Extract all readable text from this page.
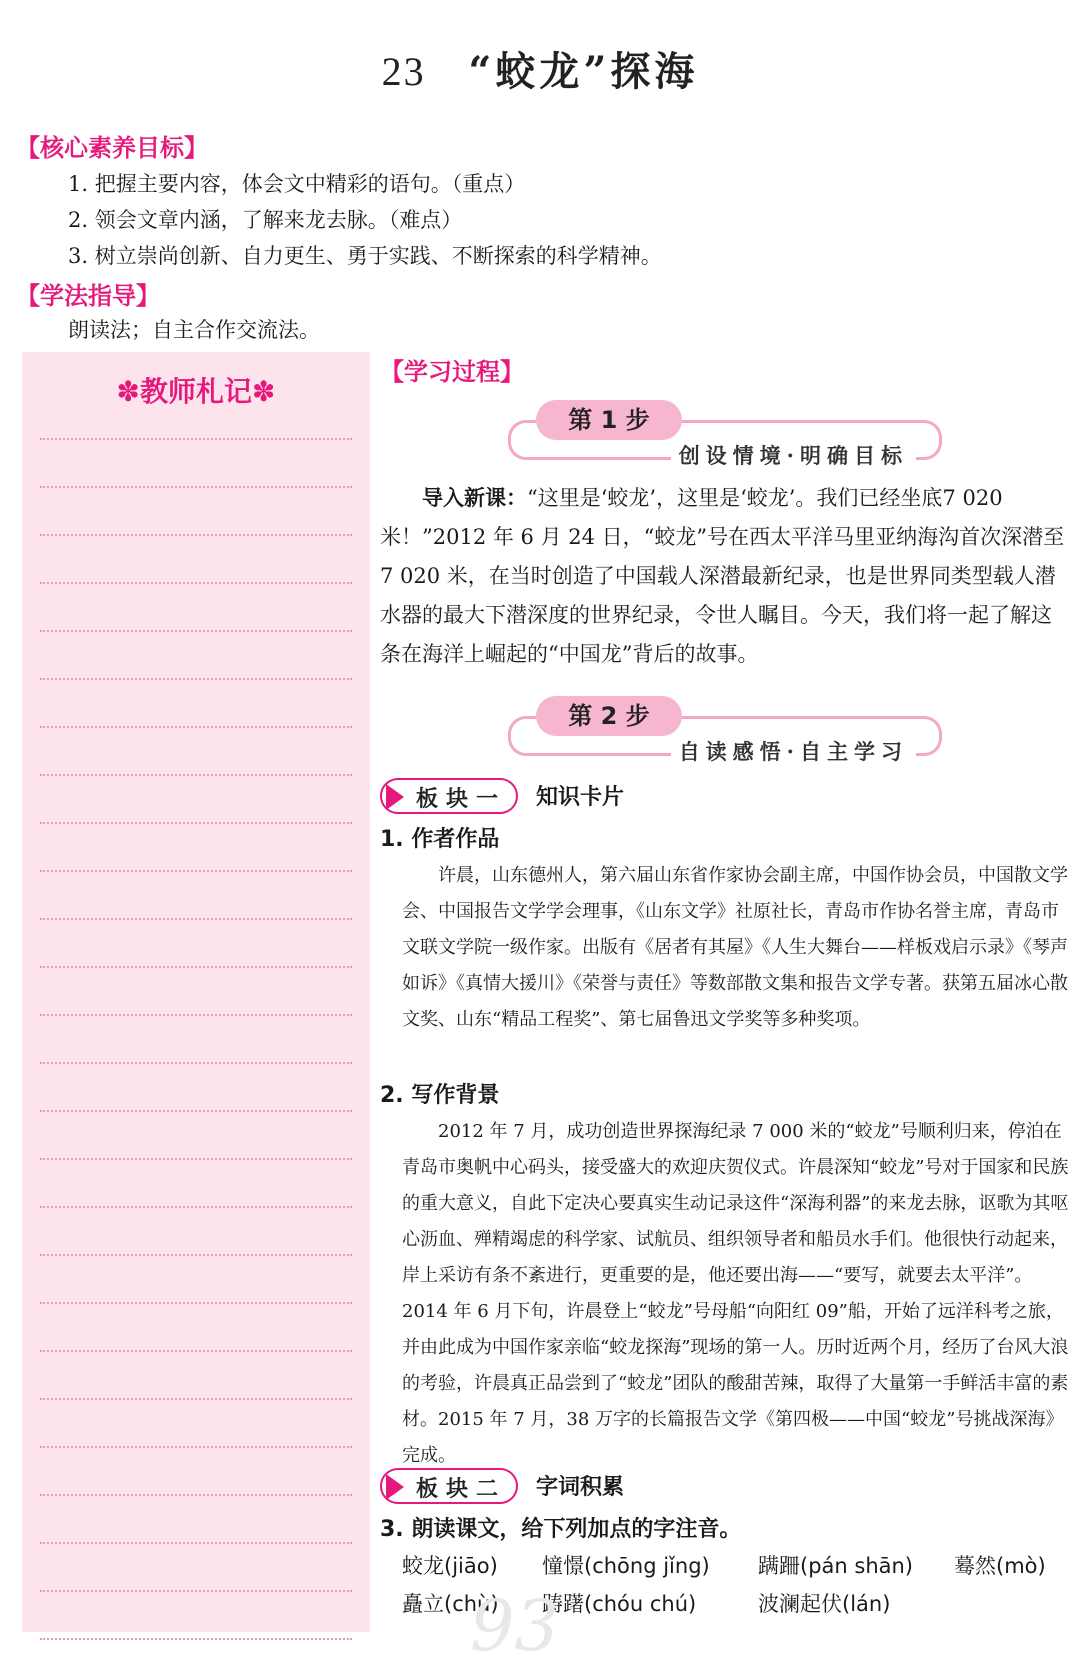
23 “蛟龙”探海
【核心素养目标】
1. 把握主要内容，体会文中精彩的语句。（重点）
2. 领会文章内涵，了解来龙去脉。（难点）
3. 树立崇尚创新、自力更生、勇于实践、不断探索的科学精神。
【学法指导】
朗读法；自主合作交流法。
✽教师札记✽
【学习过程】
第 1 步
创设情境·明确目标
导入新课：“这里是‘蛟龙’，这里是‘蛟龙’。我们已经坐底7 020米！”2012 年 6 月 24 日，“蛟龙”号在西太平洋马里亚纳海沟首次深潜至 7 020 米，在当时创造了中国载人深潜最新纪录，也是世界同类型载人潜水器的最大下潜深度的世界纪录，令世人瞩目。今天，我们将一起了解这条在海洋上崛起的“中国龙”背后的故事。
第 2 步
自读感悟·自主学习
板块一 知识卡片
1. 作者作品
许晨，山东德州人，第六届山东省作家协会副主席，中国作协会员，中国散文学会、中国报告文学学会理事，《山东文学》社原社长，青岛市作协名誉主席，青岛市文联文学院一级作家。出版有《居者有其屋》《人生大舞台——样板戏启示录》《琴声如诉》《真情大援川》《荣誉与责任》等数部散文集和报告文学专著。获第五届冰心散文奖、山东“精品工程奖”、第七届鲁迅文学奖等多种奖项。
2. 写作背景
2012 年 7 月，成功创造世界探海纪录 7 000 米的“蛟龙”号顺利归来，停泊在青岛市奥帆中心码头，接受盛大的欢迎庆贺仪式。许晨深知“蛟龙”号对于国家和民族的重大意义，自此下定决心要真实生动记录这件“深海利器”的来龙去脉，讴歌为其呕心沥血、殚精竭虑的科学家、试航员、组织领导者和船员水手们。他很快行动起来，岸上采访有条不紊进行，更重要的是，他还要出海——“要写，就要去太平洋”。2014 年 6 月下旬，许晨登上“蛟龙”号母船“向阳红 09”船，开始了远洋科考之旅，并由此成为中国作家亲临“蛟龙探海”现场的第一人。历时近两个月，经历了台风大浪的考验，许晨真正品尝到了“蛟龙”团队的酸甜苦辣，取得了大量第一手鲜活丰富的素材。2015 年 7 月，38 万字的长篇报告文学《第四极——中国“蛟龙”号挑战深海》完成。
板块二 字词积累
3. 朗读课文，给下列加点的字注音。
蛟龙(jiāo) 憧憬(chōng jǐng) 蹒跚(pán shān) 蓦然(mò)
矗立(chù) 踌躇(chóu chú)	波澜起伏(lán)
93
